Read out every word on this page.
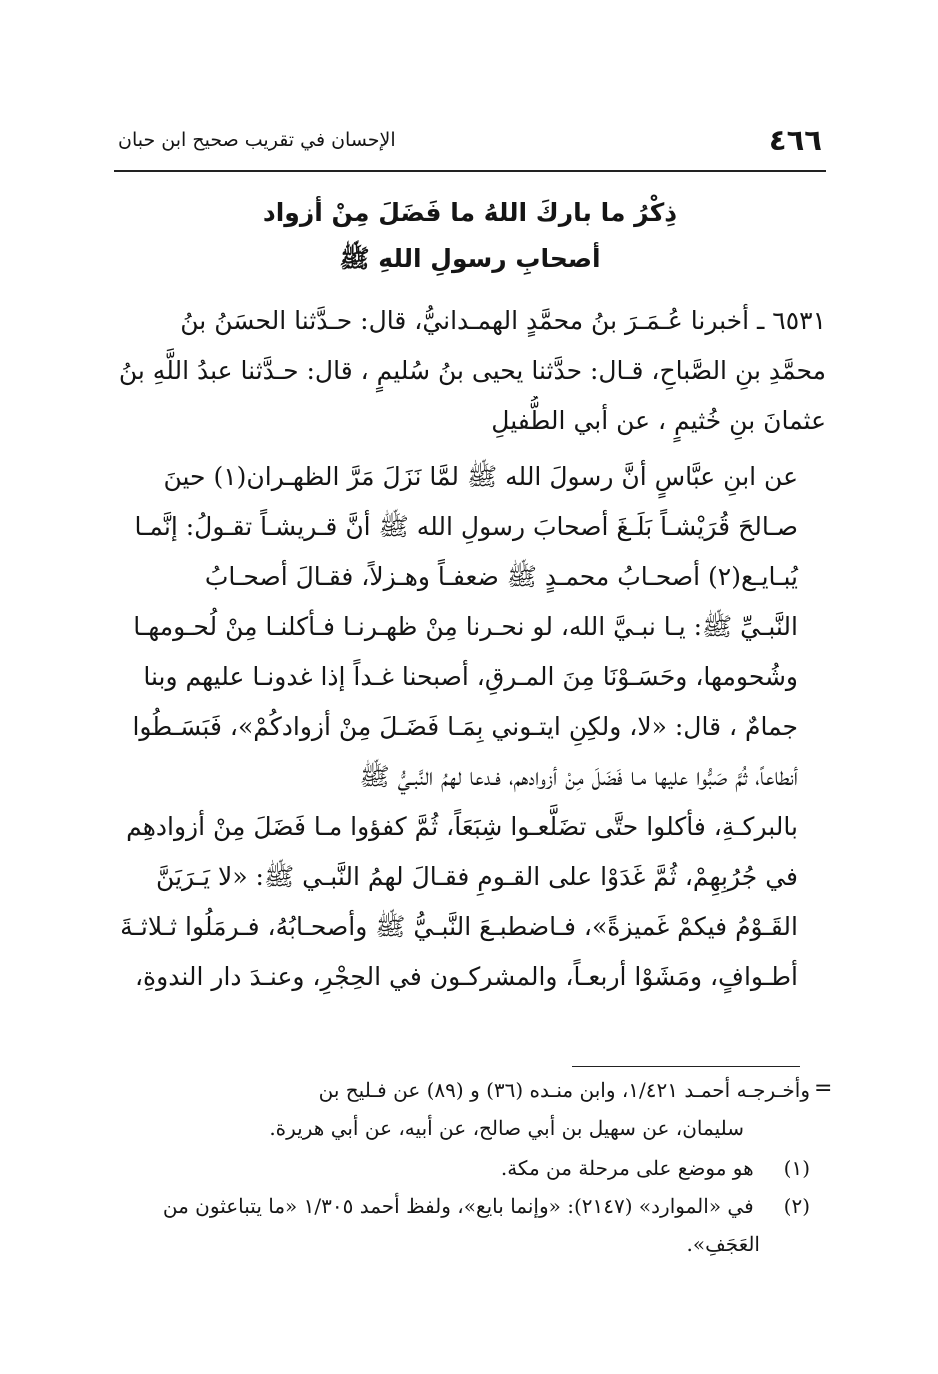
٤٦٦
الإحسان في تقريب صحيح ابن حبان
ذِكْرُ ما باركَ اللهُ ما فَضَلَ مِنْ أزواد
أصحابِ رسولِ اللهِ ﷺ
٦٥٣١ ـ أخبرنا عُـمَـرَ بنُ محمَّدٍ الهمـدانيُّ، قال: حـدَّثنا الحسَنُ بنُ
محمَّدِ بنِ الصَّباحِ، قـال: حدَّثنا يحيى بنُ سُليمٍ ، قال: حـدَّثنا عبدُ اللَّهِ بنُ
عثمانَ بنِ خُثيمٍ ، عن أبي الطُّفيلِ
عن ابنِ عبَّاسٍ أنَّ رسولَ الله ﷺ لمَّا نَزَلَ مَرَّ الظهـران(١) حينَ
صـالحَ قُرَيْشـاً بَلَـغَ أصحابَ رسولِ الله ﷺ أنَّ قـريشـاً تقـولُ: إنَّمـا
يُبـايـع(٢) أصحـابُ محمـدٍ ﷺ ضعفـاً وهـزلاً، فقـالَ أصحـابُ
النَّبـيِّ ﷺ: يـا نبـيَّ الله، لو نحـرنا مِنْ ظهـرنـا فـأكلنـا مِنْ لُحـومهـا
وشُحومها، وحَسَـوْنَا مِنَ المـرقِ، أصبحنا غـداً إذا غدونـا عليهم وبنا
جمامٌ ، قال: «لا، ولكِنِ ايتـوني بِمَـا فَضَـلَ مِنْ أزوادكُمْ»، فَبَسَـطُوا
أنطاعاً، ثُمَّ صَبُّوا عليها مـا فَضَلَ مِنْ أزوادهم، فـدعا لهمُ النَّبـيُّ ﷺ
بالبركـةِ، فأكلوا حتَّى تضَلَّعـوا شِبَعَاً، ثُمَّ كفؤوا مـا فَضَلَ مِنْ أزوادهِم
في جُرُبِهِمْ، ثُمَّ غَدَوْا على القـومِ فقـالَ لهمُ النَّبـي ﷺ: «لا يَـرَيَنَّ
القَـوْمُ فيكمْ غَميزةً»، فـاضطبـعَ النَّبـيُّ ﷺ وأصحـابُهُ، فـرمَلُوا ثـلاثـةَ
أطـوافٍ، ومَشَوْا أربعـاً، والمشركـون في الحِجْرِ، وعنـدَ دار الندوةِ،
=
وأخـرجـه أحمـد ١/٤٢١، وابن منـده (٣٦) و (٨٩) عن فـليح بن
سليمان، عن سهيل بن أبي صالح، عن أبيه، عن أبي هريرة.
(١) هو موضع على مرحلة من مكة.
(٢) في «الموارد» (٢١٤٧): «وإنما بايع»، ولفظ أحمد ١/٣٠٥ «ما يتباعثون من
العَجَفِ».
